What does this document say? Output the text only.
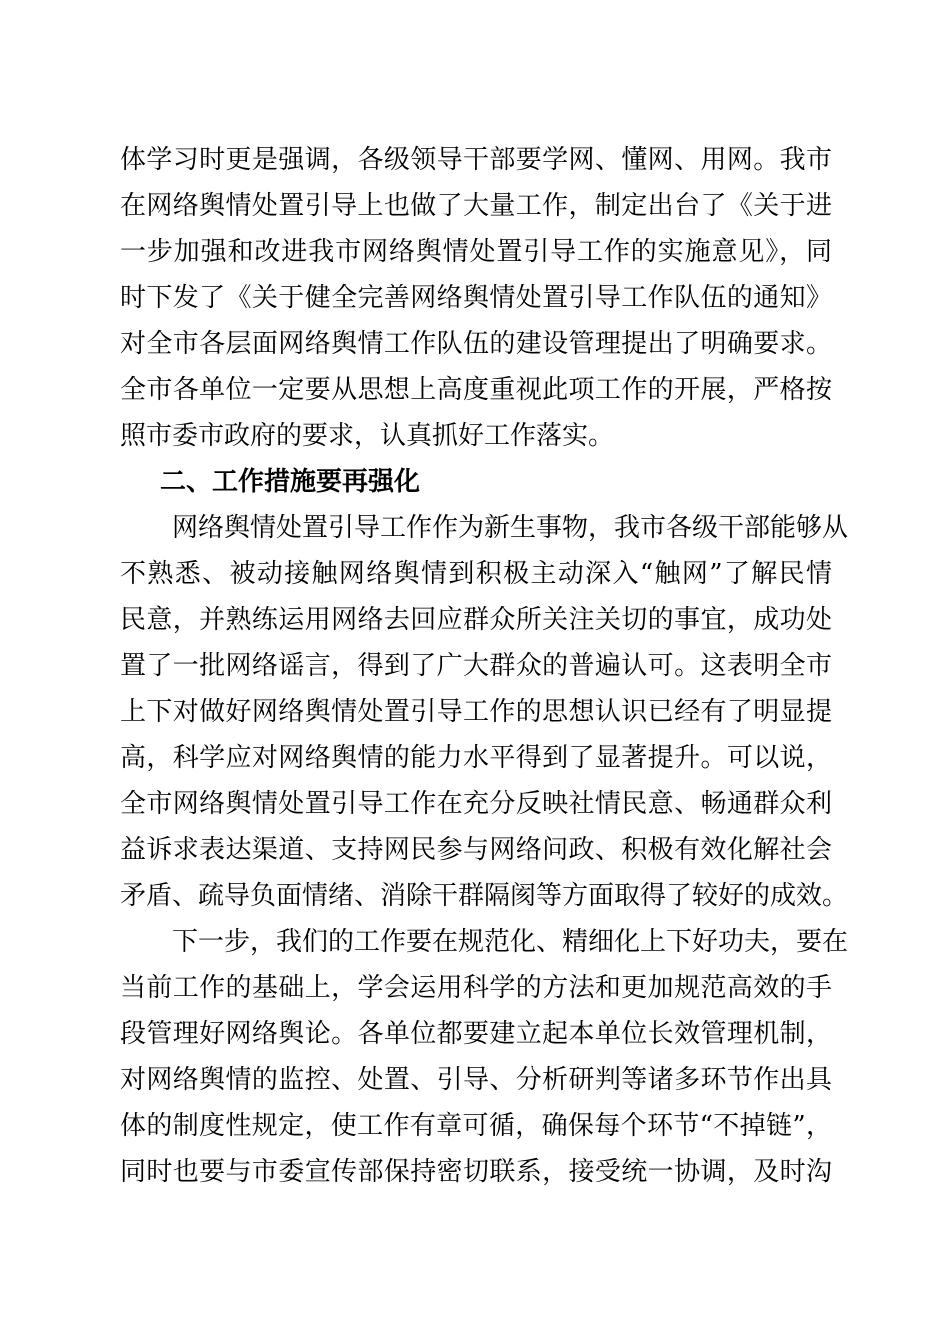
体学习时更是强调，各级领导干部要学网、懂网、用网。我市
在网络舆情处置引导上也做了大量工作，制定出台了《关于进
一步加强和改进我市网络舆情处置引导工作的实施意见》，同
时下发了《关于健全完善网络舆情处置引导工作队伍的通知》
对全市各层面网络舆情工作队伍的建设管理提出了明确要求。
全市各单位一定要从思想上高度重视此项工作的开展，严格按
照市委市政府的要求，认真抓好工作落实。
二、工作措施要再强化
网络舆情处置引导工作作为新生事物，我市各级干部能够从
不熟悉、被动接触网络舆情到积极主动深入“触网”了解民情
民意，并熟练运用网络去回应群众所关注关切的事宜，成功处
置了一批网络谣言，得到了广大群众的普遍认可。这表明全市
上下对做好网络舆情处置引导工作的思想认识已经有了明显提
高，科学应对网络舆情的能力水平得到了显著提升。可以说，
全市网络舆情处置引导工作在充分反映社情民意、畅通群众利
益诉求表达渠道、支持网民参与网络问政、积极有效化解社会
矛盾、疏导负面情绪、消除干群隔阂等方面取得了较好的成效。
下一步，我们的工作要在规范化、精细化上下好功夫，要在
当前工作的基础上，学会运用科学的方法和更加规范高效的手
段管理好网络舆论。各单位都要建立起本单位长效管理机制，
对网络舆情的监控、处置、引导、分析研判等诸多环节作出具
体的制度性规定，使工作有章可循，确保每个环节“不掉链”，
同时也要与市委宣传部保持密切联系，接受统一协调，及时沟
